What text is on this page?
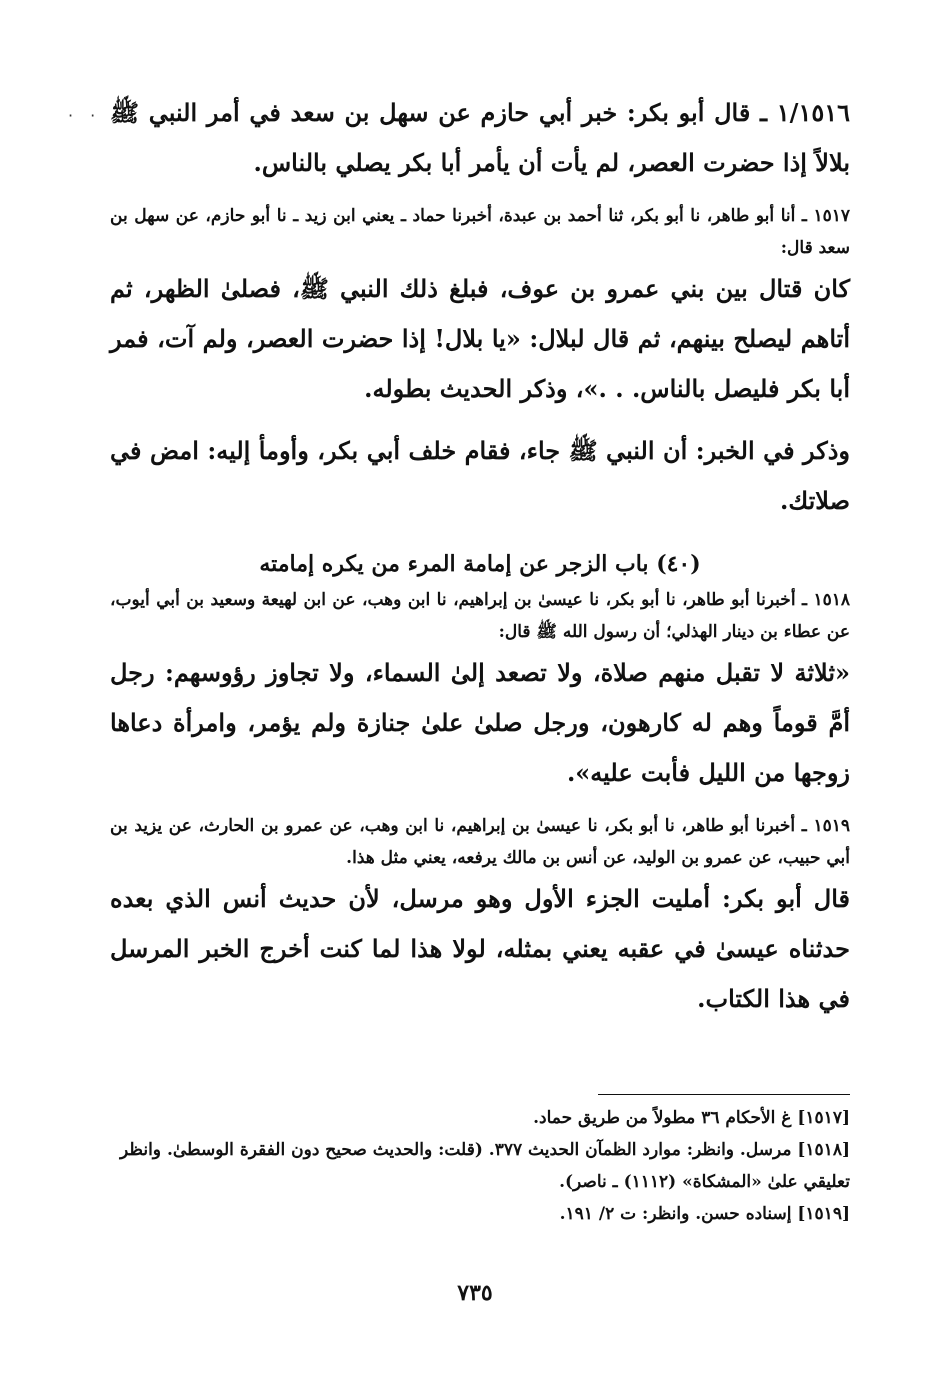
· · ١/١٥١٦ ـ قال أبو بكر: خبر أبي حازم عن سهل بن سعد في أمر النبي ﷺ بلالاً إذا حضرت العصر، لم يأت أن يأمر أبا بكر يصلي بالناس.

١٥١٧ ـ أنا أبو طاهر، نا أبو بكر، ثنا أحمد بن عبدة، أخبرنا حماد ـ يعني ابن زيد ـ نا أبو حازم، عن سهل بن سعد قال:

كان قتال بين بني عمرو بن عوف، فبلغ ذلك النبي ﷺ، فصلىٰ الظهر، ثم أتاهم ليصلح بينهم، ثم قال لبلال: «يا بلال! إذا حضرت العصر، ولم آت، فمر أبا بكر فليصل بالناس. . .»، وذكر الحديث بطوله.

وذكر في الخبر: أن النبي ﷺ جاء، فقام خلف أبي بكر، وأومأ إليه: امض في صلاتك.

(٤٠) باب الزجر عن إمامة المرء من يكره إمامته

١٥١٨ ـ أخبرنا أبو طاهر، نا أبو بكر، نا عيسىٰ بن إبراهيم، نا ابن وهب، عن ابن لهيعة وسعيد بن أبي أيوب، عن عطاء بن دينار الهذلي؛ أن رسول الله ﷺ قال:

«ثلاثة لا تقبل منهم صلاة، ولا تصعد إلىٰ السماء، ولا تجاوز رؤوسهم: رجل أمَّ قوماً وهم له كارهون، ورجل صلىٰ علىٰ جنازة ولم يؤمر، وامرأة دعاها زوجها من الليل فأبت عليه».

١٥١٩ ـ أخبرنا أبو طاهر، نا أبو بكر، نا عيسىٰ بن إبراهيم، نا ابن وهب، عن عمرو بن الحارث، عن يزيد بن أبي حبيب، عن عمرو بن الوليد، عن أنس بن مالك يرفعه، يعني مثل هذا.

قال أبو بكر: أمليت الجزء الأول وهو مرسل، لأن حديث أنس الذي بعده حدثناه عيسىٰ في عقبه يعني بمثله، لولا هذا لما كنت أخرج الخبر المرسل في هذا الكتاب.

[١٥١٧] غ الأحكام ٣٦ مطولاً من طريق حماد.

[١٥١٨] مرسل. وانظر: موارد الظمآن الحديث ٣٧٧. (قلت: والحديث صحيح دون الفقرة الوسطىٰ. وانظر تعليقي علىٰ «المشكاة» (١١١٢) ـ ناصر).

[١٥١٩] إسناده حسن. وانظر: ت ٢/ ١٩١.

٧٣٥
